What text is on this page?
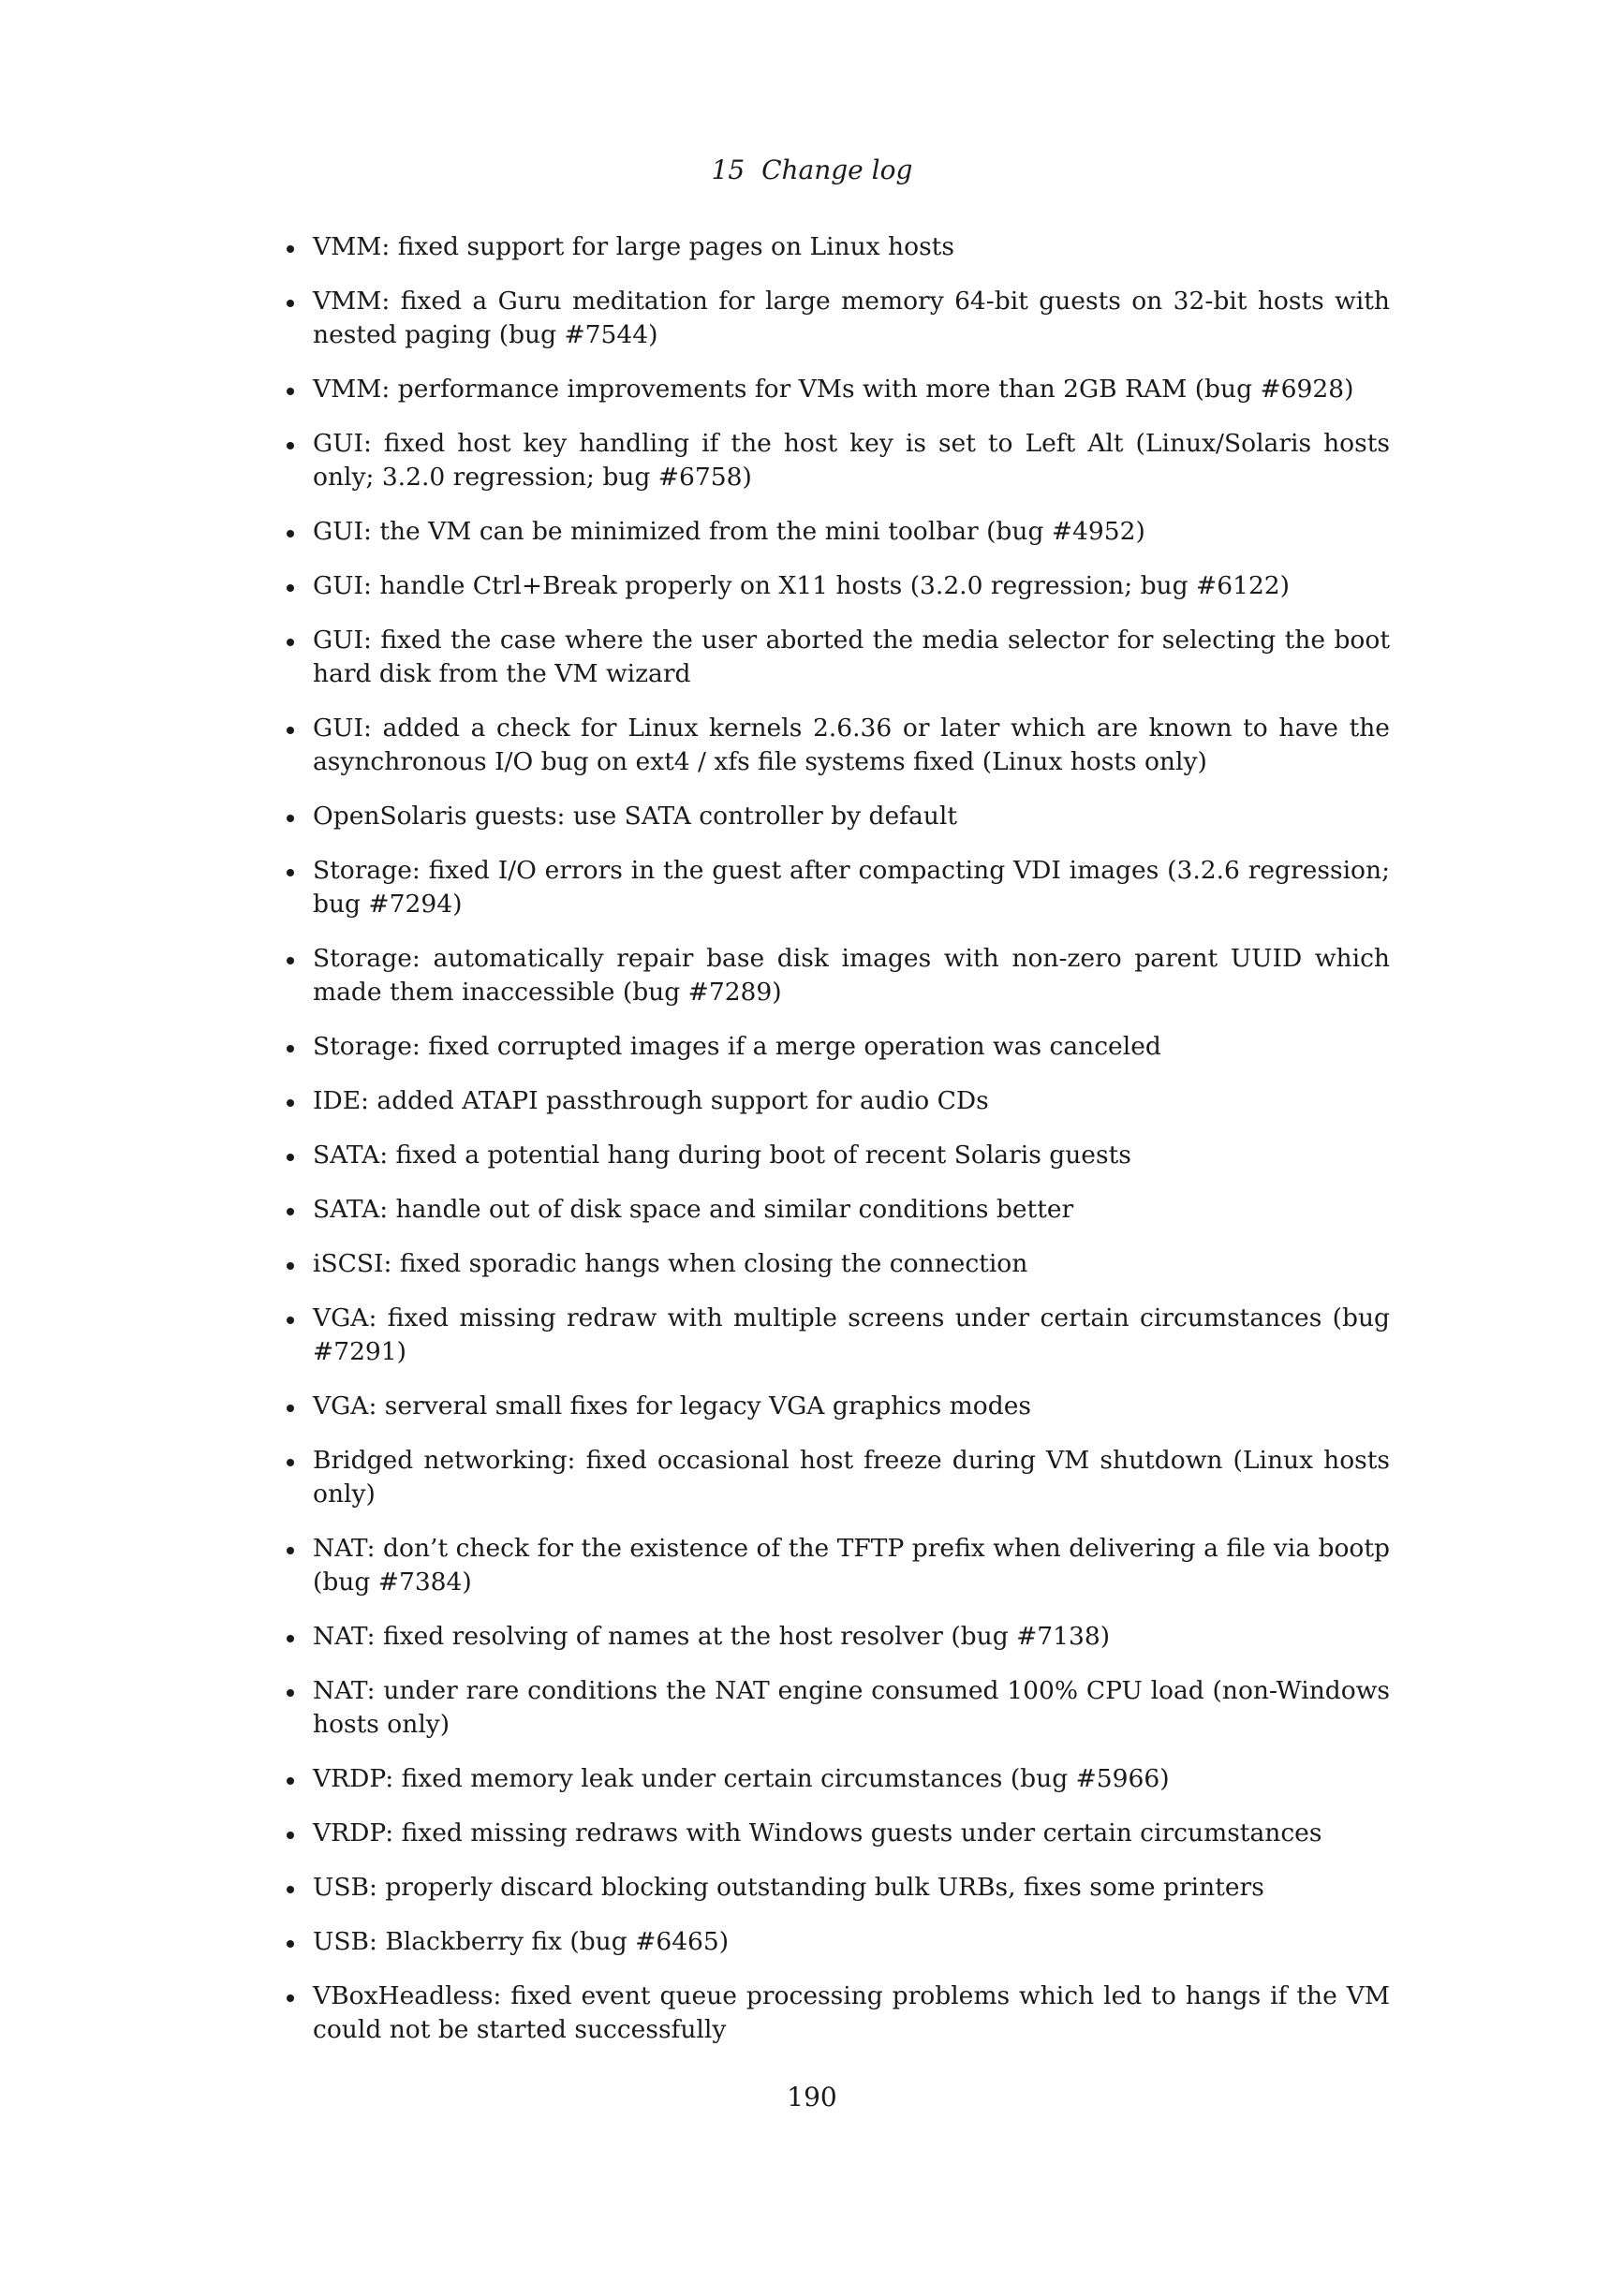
15 Change log
VMM: fixed support for large pages on Linux hosts
VMM: fixed a Guru meditation for large memory 64-bit guests on 32-bit hosts with nested paging (bug #7544)
VMM: performance improvements for VMs with more than 2GB RAM (bug #6928)
GUI: fixed host key handling if the host key is set to Left Alt (Linux/Solaris hosts only; 3.2.0 regression; bug #6758)
GUI: the VM can be minimized from the mini toolbar (bug #4952)
GUI: handle Ctrl+Break properly on X11 hosts (3.2.0 regression; bug #6122)
GUI: fixed the case where the user aborted the media selector for selecting the boot hard disk from the VM wizard
GUI: added a check for Linux kernels 2.6.36 or later which are known to have the asynchronous I/O bug on ext4 / xfs file systems fixed (Linux hosts only)
OpenSolaris guests: use SATA controller by default
Storage: fixed I/O errors in the guest after compacting VDI images (3.2.6 regression; bug #7294)
Storage: automatically repair base disk images with non-zero parent UUID which made them inaccessible (bug #7289)
Storage: fixed corrupted images if a merge operation was canceled
IDE: added ATAPI passthrough support for audio CDs
SATA: fixed a potential hang during boot of recent Solaris guests
SATA: handle out of disk space and similar conditions better
iSCSI: fixed sporadic hangs when closing the connection
VGA: fixed missing redraw with multiple screens under certain circumstances (bug #7291)
VGA: serveral small fixes for legacy VGA graphics modes
Bridged networking: fixed occasional host freeze during VM shutdown (Linux hosts only)
NAT: don’t check for the existence of the TFTP prefix when delivering a file via bootp (bug #7384)
NAT: fixed resolving of names at the host resolver (bug #7138)
NAT: under rare conditions the NAT engine consumed 100% CPU load (non-Windows hosts only)
VRDP: fixed memory leak under certain circumstances (bug #5966)
VRDP: fixed missing redraws with Windows guests under certain circumstances
USB: properly discard blocking outstanding bulk URBs, fixes some printers
USB: Blackberry fix (bug #6465)
VBoxHeadless: fixed event queue processing problems which led to hangs if the VM could not be started successfully
190
